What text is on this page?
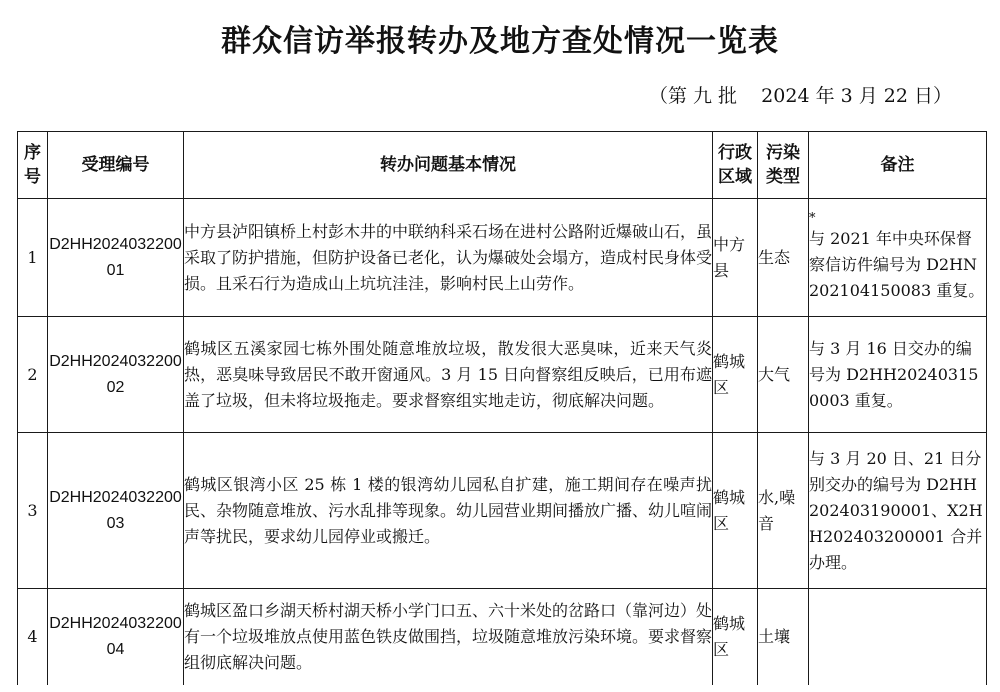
群众信访举报转办及地方查处情况一览表
（第 九 批    2024 年 3 月 22 日）
序号	受理编号	转办问题基本情况	行政区域	污染类型	备注
1	D2HH202403220001	中方县泸阳镇桥上村彭木井的中联纳科采石场在进村公路附近爆破山石，虽采取了防护措施，但防护设备已老化，认为爆破处会塌方，造成村民身体受损。且采石行为造成山上坑坑洼洼，影响村民上山劳作。	中方县	生态	*
与 2021 年中央环保督察信访件编号为 D2HN202104150083 重复。
2	D2HH202403220002	鹤城区五溪家园七栋外围处随意堆放垃圾，散发很大恶臭味，近来天气炎热，恶臭味导致居民不敢开窗通风。3 月 15 日向督察组反映后，已用布遮盖了垃圾，但未将垃圾拖走。要求督察组实地走访，彻底解决问题。	鹤城区	大气	与 3 月 16 日交办的编号为 D2HH202403150003 重复。
3	D2HH202403220003	鹤城区银湾小区 25 栋 1 楼的银湾幼儿园私自扩建，施工期间存在噪声扰民、杂物随意堆放、污水乱排等现象。幼儿园营业期间播放广播、幼儿喧闹声等扰民，要求幼儿园停业或搬迁。	鹤城区	水,噪音	与 3 月 20 日、21 日分别交办的编号为 D2HH202403190001、X2HH202403200001 合并办理。
4	D2HH202403220004	鹤城区盈口乡湖天桥村湖天桥小学门口五、六十米处的岔路口（靠河边）处有一个垃圾堆放点使用蓝色铁皮做围挡，垃圾随意堆放污染环境。要求督察组彻底解决问题。	鹤城区	土壤	
